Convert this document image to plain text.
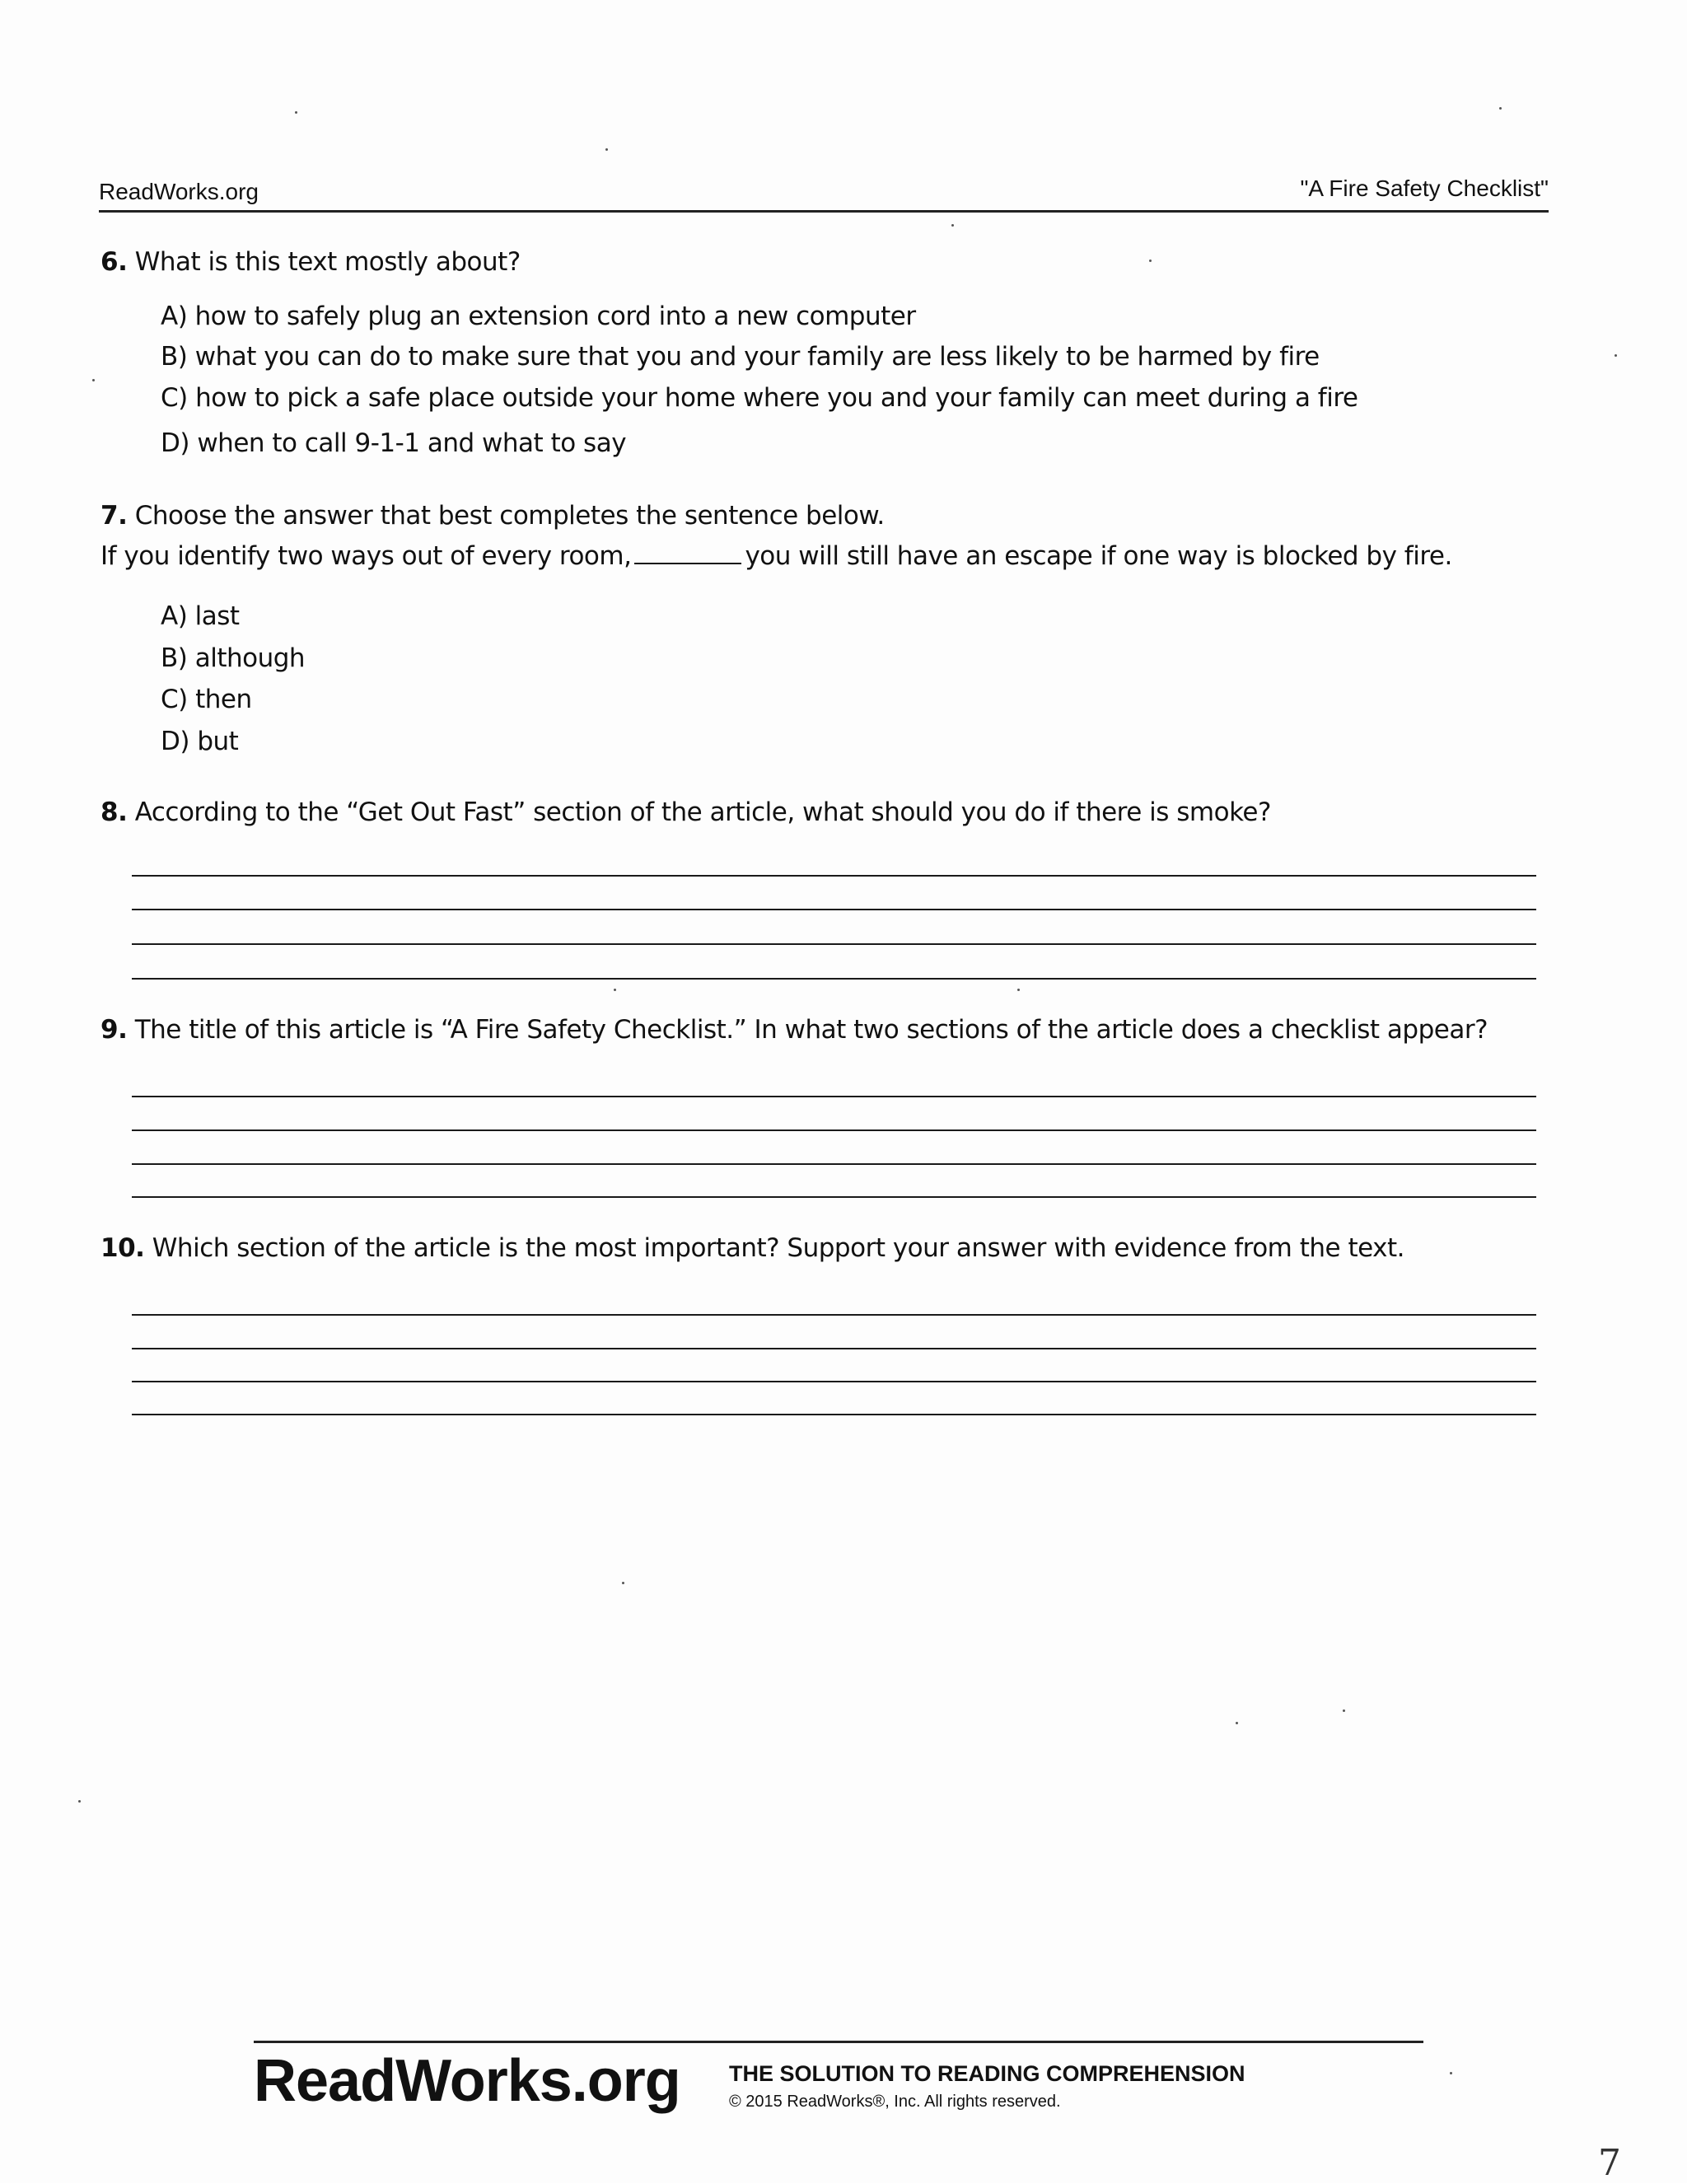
ReadWorks.org	"A Fire Safety Checklist"
6. What is this text mostly about?
A) how to safely plug an extension cord into a new computer
B) what you can do to make sure that you and your family are less likely to be harmed by fire
C) how to pick a safe place outside your home where you and your family can meet during a fire
D) when to call 9-1-1 and what to say
7. Choose the answer that best completes the sentence below.
If you identify two ways out of every room,	you will still have an escape if one way is blocked by fire.
A) last
B) although
C) then
D) but
8. According to the “Get Out Fast” section of the article, what should you do if there is smoke?
9. The title of this article is “A Fire Safety Checklist.” In what two sections of the article does a checklist appear?
10. Which section of the article is the most important? Support your answer with evidence from the text.
ReadWorks.org THE SOLUTION TO READING COMPREHENSION
© 2015 ReadWorks®, Inc. All rights reserved.
7
